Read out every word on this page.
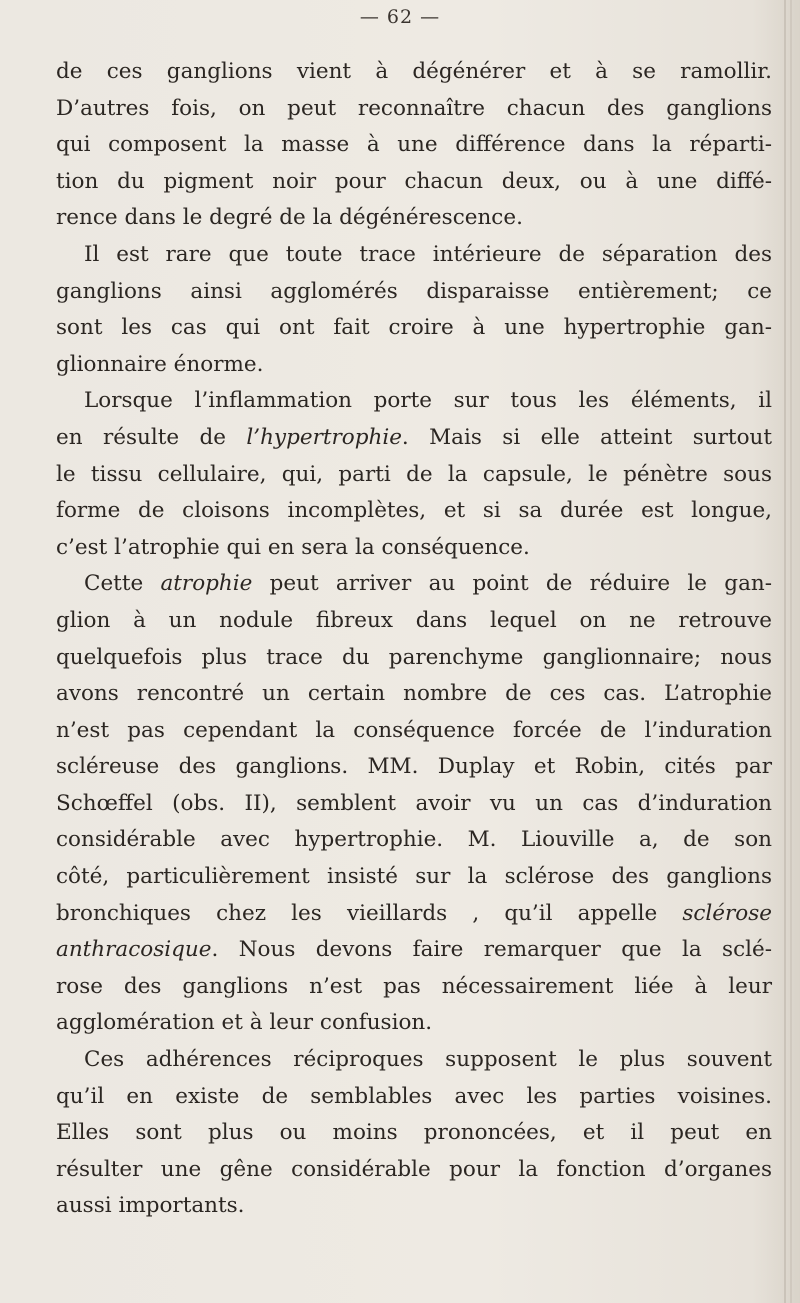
— 62 —
de ces ganglions vient à dégénérer et à se ramollir.
D’autres fois, on peut reconnaître chacun des ganglions
qui composent la masse à une différence dans la réparti-
tion du pigment noir pour chacun deux, ou à une diffé-
rence dans le degré de la dégénérescence.
Il est rare que toute trace intérieure de séparation des
ganglions ainsi agglomérés disparaisse entièrement; ce
sont les cas qui ont fait croire à une hypertrophie gan-
glionnaire énorme.
Lorsque l’inflammation porte sur tous les éléments, il
en résulte de l’hypertrophie. Mais si elle atteint surtout
le tissu cellulaire, qui, parti de la capsule, le pénètre sous
forme de cloisons incomplètes, et si sa durée est longue,
c’est l’atrophie qui en sera la conséquence.
Cette atrophie peut arriver au point de réduire le gan-
glion à un nodule fibreux dans lequel on ne retrouve
quelquefois plus trace du parenchyme ganglionnaire; nous
avons rencontré un certain nombre de ces cas. L’atrophie
n’est pas cependant la conséquence forcée de l’induration
scléreuse des ganglions. MM. Duplay et Robin, cités par
Schœffel (obs. II), semblent avoir vu un cas d’induration
considérable avec hypertrophie. M. Liouville a, de son
côté, particulièrement insisté sur la sclérose des ganglions
bronchiques chez les vieillards , qu’il appelle sclérose
anthracosique. Nous devons faire remarquer que la sclé-
rose des ganglions n’est pas nécessairement liée à leur
agglomération et à leur confusion.
Ces adhérences réciproques supposent le plus souvent
qu’il en existe de semblables avec les parties voisines.
Elles sont plus ou moins prononcées, et il peut en
résulter une gêne considérable pour la fonction d’organes
aussi importants.
